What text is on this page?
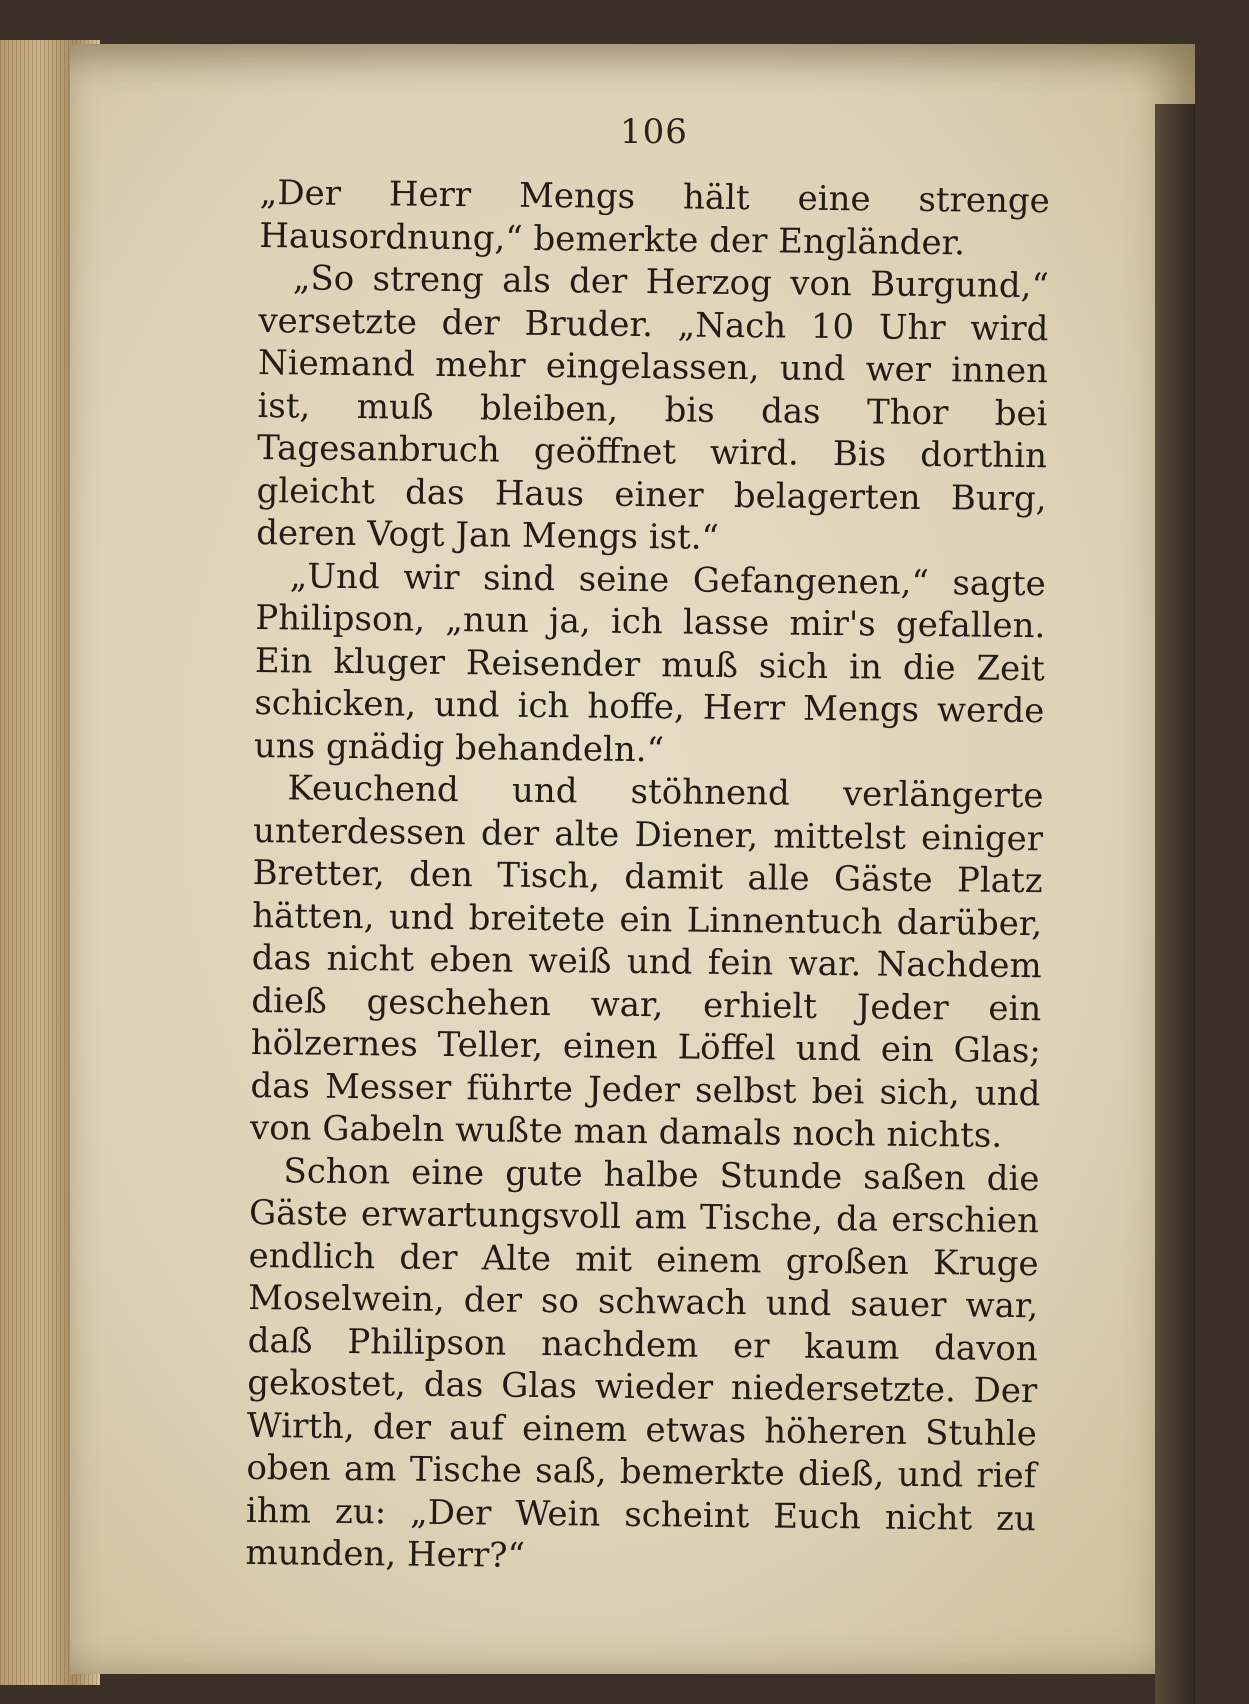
106

„Der Herr Mengs hält eine strenge Hausordnung,“ bemerkte der Engländer.

„So streng als der Herzog von Burgund,“ versetzte der Bruder. „Nach 10 Uhr wird Niemand mehr eingelassen, und wer innen ist, muß bleiben, bis das Thor bei Tagesanbruch geöffnet wird. Bis dorthin gleicht das Haus einer belagerten Burg, deren Vogt Jan Mengs ist.“

„Und wir sind seine Gefangenen,“ sagte Philipson, „nun ja, ich lasse mir's gefallen. Ein kluger Reisender muß sich in die Zeit schicken, und ich hoffe, Herr Mengs werde uns gnädig behandeln.“

Keuchend und stöhnend verlängerte unterdessen der alte Diener, mittelst einiger Bretter, den Tisch, damit alle Gäste Platz hätten, und breitete ein Linnentuch darüber, das nicht eben weiß und fein war. Nachdem dieß geschehen war, erhielt Jeder ein hölzernes Teller, einen Löffel und ein Glas; das Messer führte Jeder selbst bei sich, und von Gabeln wußte man damals noch nichts.

Schon eine gute halbe Stunde saßen die Gäste erwartungsvoll am Tische, da erschien endlich der Alte mit einem großen Kruge Moselwein, der so schwach und sauer war, daß Philipson nachdem er kaum davon gekostet, das Glas wieder niedersetzte. Der Wirth, der auf einem etwas höheren Stuhle oben am Tische saß, bemerkte dieß, und rief ihm zu: „Der Wein scheint Euch nicht zu munden, Herr?“
